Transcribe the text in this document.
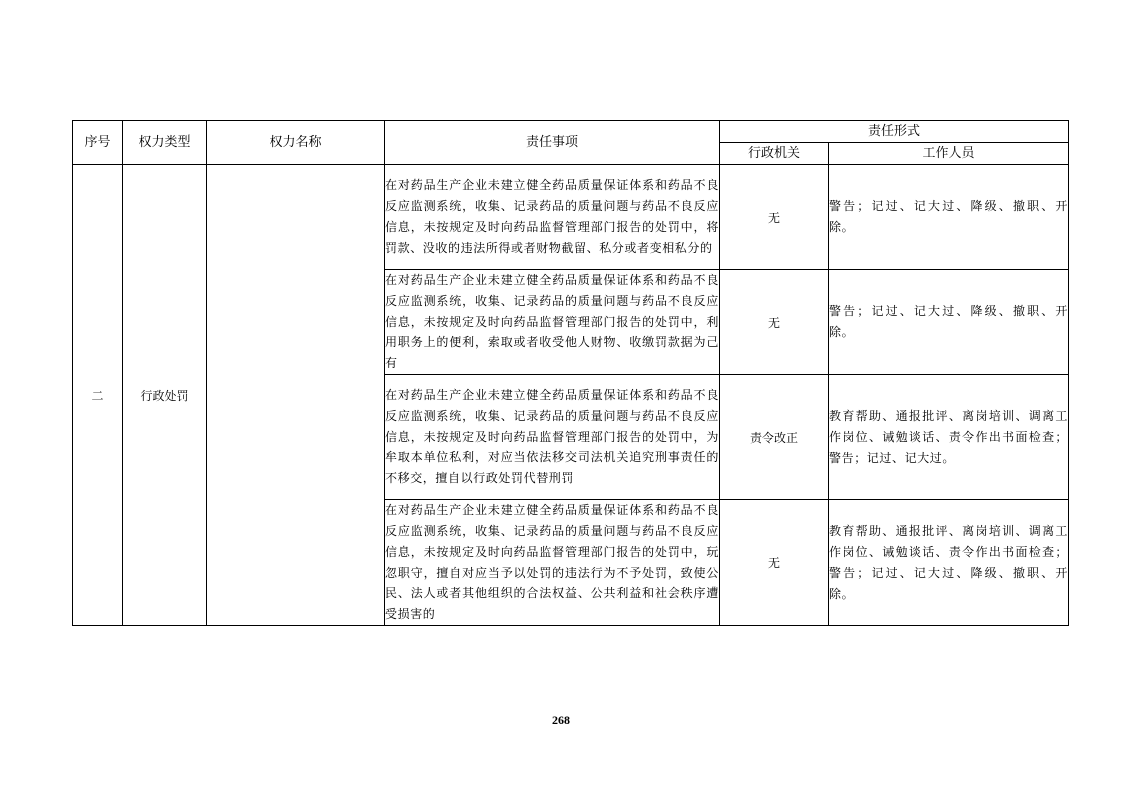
序号	权力类型	权力名称	责任事项	责任形式	
				行政机关	工作人员
二	行政处罚		在对药品生产企业未建立健全药品质量保证体系和药品不良反应监测系统，收集、记录药品的质量问题与药品不良反应信息，未按规定及时向药品监督管理部门报告的处罚中，将罚款、没收的违法所得或者财物截留、私分或者变相私分的	无	警告；记过、记大过、降级、撤职、开除。
			在对药品生产企业未建立健全药品质量保证体系和药品不良反应监测系统，收集、记录药品的质量问题与药品不良反应信息，未按规定及时向药品监督管理部门报告的处罚中，利用职务上的便利，索取或者收受他人财物、收缴罚款据为己有	无	警告；记过、记大过、降级、撤职、开除。
			在对药品生产企业未建立健全药品质量保证体系和药品不良反应监测系统，收集、记录药品的质量问题与药品不良反应信息，未按规定及时向药品监督管理部门报告的处罚中，为牟取本单位私利，对应当依法移交司法机关追究刑事责任的不移交，擅自以行政处罚代替刑罚	责令改正	教育帮助、通报批评、离岗培训、调离工作岗位、诫勉谈话、责令作出书面检查；警告；记过、记大过。
			在对药品生产企业未建立健全药品质量保证体系和药品不良反应监测系统，收集、记录药品的质量问题与药品不良反应信息，未按规定及时向药品监督管理部门报告的处罚中，玩忽职守，擅自对应当予以处罚的违法行为不予处罚，致使公民、法人或者其他组织的合法权益、公共利益和社会秩序遭受损害的	无	教育帮助、通报批评、离岗培训、调离工作岗位、诫勉谈话、责令作出书面检查；警告；记过、记大过、降级、撤职、开除。
268
